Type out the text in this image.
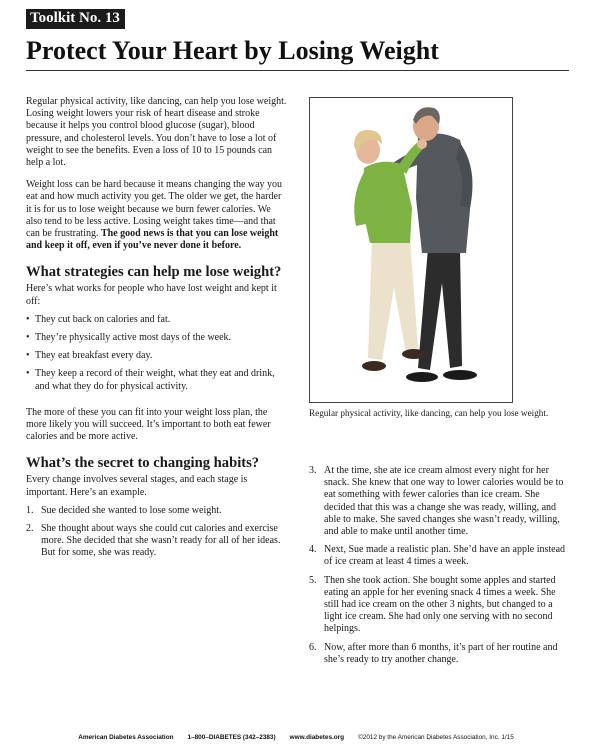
Toolkit No. 13
Protect Your Heart by Losing Weight

Regular physical activity, like dancing, can help you lose weight. Losing weight lowers your risk of heart disease and stroke because it helps you control blood glucose (sugar), blood pressure, and cholesterol levels. You don’t have to lose a lot of weight to see the benefits. Even a loss of 10 to 15 pounds can help a lot.

Weight loss can be hard because it means changing the way you eat and how much activity you get. The older we get, the harder it is for us to lose weight because we burn fewer calories. We also tend to be less active. Losing weight takes time—and that can be frustrating. The good news is that you can lose weight and keep it off, even if you’ve never done it before.

What strategies can help me lose weight?

Here’s what works for people who have lost weight and kept it off:

• They cut back on calories and fat.
• They’re physically active most days of the week.
• They eat breakfast every day.
• They keep a record of their weight, what they eat and drink, and what they do for physical activity.

The more of these you can fit into your weight loss plan, the more likely you will succeed. It’s important to both eat fewer calories and be more active.

What’s the secret to changing habits?

Every change involves several stages, and each stage is important. Here’s an example.

1. Sue decided she wanted to lose some weight.
2. She thought about ways she could cut calories and exercise more. She decided that she wasn’t ready for all of her ideas. But for some, she was ready.
Regular physical activity, like dancing, can help you lose weight.
3. At the time, she ate ice cream almost every night for her snack. She knew that one way to lower calories would be to eat something with fewer calories than ice cream. She decided that this was a change she was ready, willing, and able to make. She saved changes she wasn’t ready, willing, and able to make until another time.
4. Next, Sue made a realistic plan. She’d have an apple instead of ice cream at least 4 times a week.
5. Then she took action. She bought some apples and started eating an apple for her evening snack 4 times a week. She still had ice cream on the other 3 nights, but changed to a light ice cream. She had only one serving with no second helpings.
6. Now, after more than 6 months, it’s part of her routine and she’s ready to try another change.
American Diabetes Association 1–800–DIABETES (342–2383) www.diabetes.org ©2012 by the American Diabetes Association, Inc. 1/15
